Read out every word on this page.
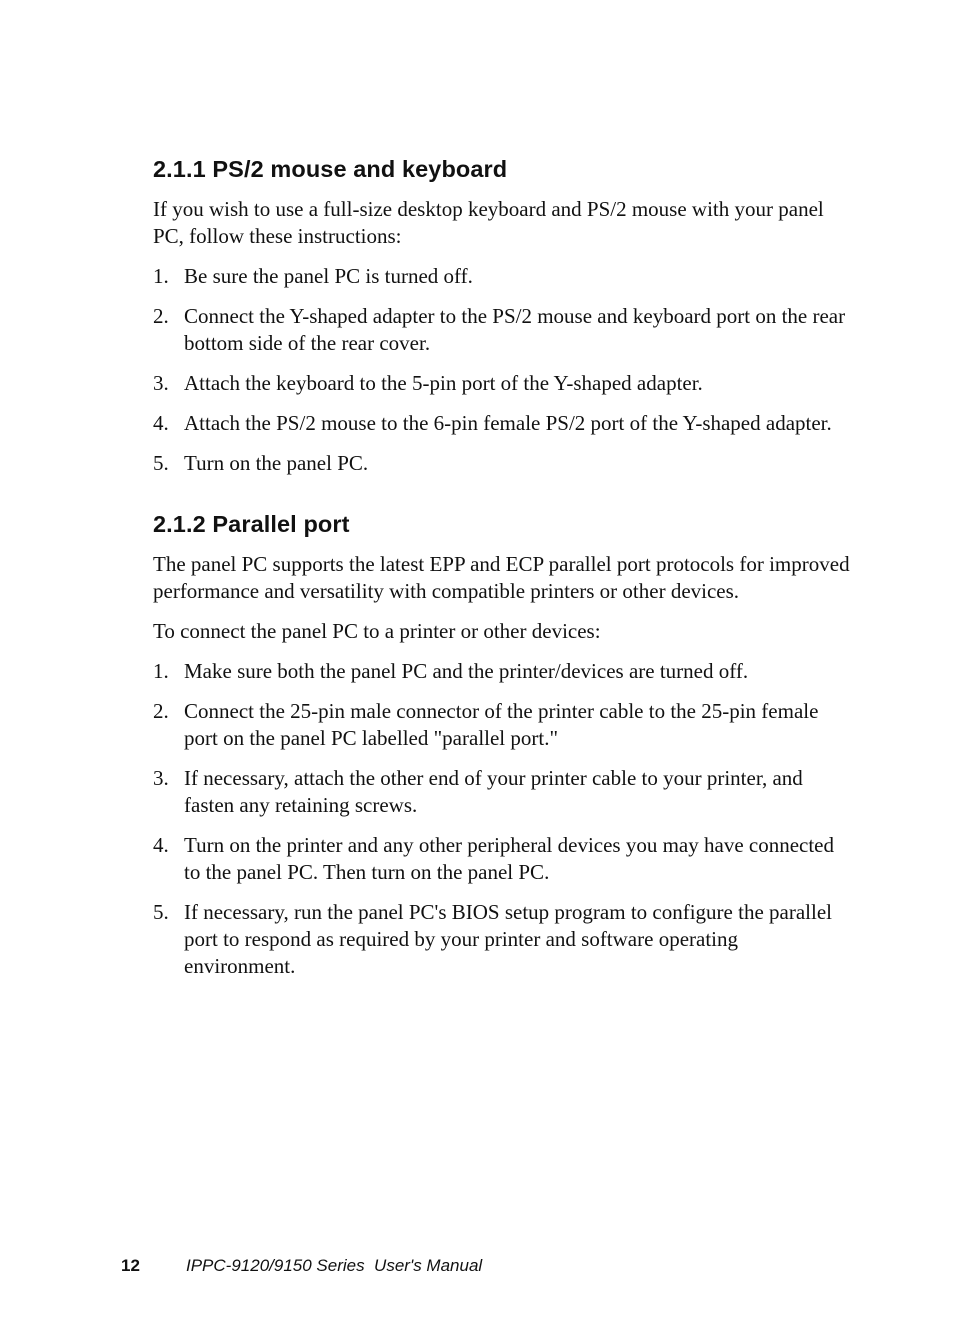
2.1.1 PS/2 mouse and keyboard

If you wish to use a full-size desktop keyboard and PS/2 mouse with your panel PC, follow these instructions:

1. Be sure the panel PC is turned off.
2. Connect the Y-shaped adapter to the PS/2 mouse and keyboard port on the rear bottom side of the rear cover.
3. Attach the keyboard to the 5-pin port of the Y-shaped adapter.
4. Attach the PS/2 mouse to the 6-pin female PS/2 port of the Y-shaped adapter.
5. Turn on the panel PC.
2.1.2 Parallel port

The panel PC supports the latest EPP and ECP parallel port protocols for improved performance and versatility with compatible printers or other devices.

To connect the panel PC to a printer or other devices:

1. Make sure both the panel PC and the printer/devices are turned off.
2. Connect the 25-pin male connector of the printer cable to the 25-pin female port on the panel PC labelled "parallel port."
3. If necessary, attach the other end of your printer cable to your printer, and fasten any retaining screws.
4. Turn on the printer and any other peripheral devices you may have connected to the panel PC. Then turn on the panel PC.
5. If necessary, run the panel PC's BIOS setup program to configure the parallel port to respond as required by your printer and software operating environment.
12	IPPC-9120/9150 Series  User's Manual
